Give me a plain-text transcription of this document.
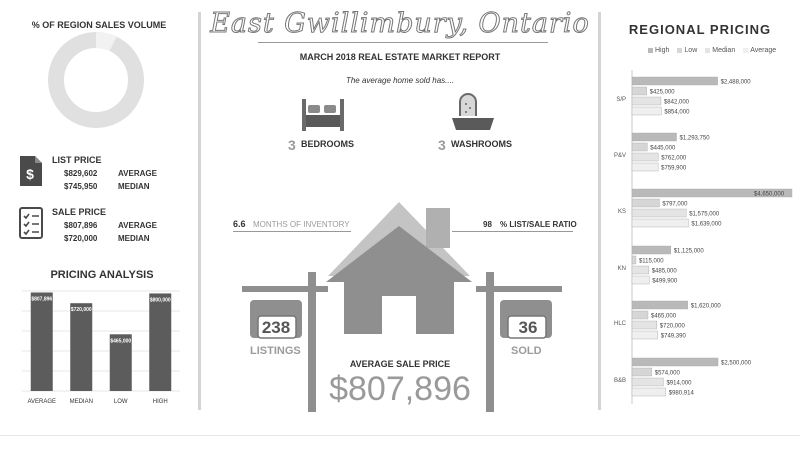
% OF REGION SALES VOLUME
$
LIST PRICE
$829,602	AVERAGE
$745,950	MEDIAN
SALE PRICE
$807,896	AVERAGE
$720,000	MEDIAN
PRICING ANALYSIS
$807,896
AVERAGE
$720,000
MEDIAN
$465,000
LOW
$800,000
HIGH
East Gwillimbury, Ontario
MARCH 2018 REAL ESTATE MARKET REPORT
The average home sold has....
3 BEDROOMS	3 WASHROOMS
6.6 MONTHS OF INVENTORY	98 % LIST/SALE RATIO
238
LISTINGS
36
SOLD
AVERAGE SALE PRICE
$807,896
REGIONAL PRICING
High Low Median Average
S/P
$2,488,000
$425,000
$842,000
$854,000
P&V
$1,293,750
$445,000
$762,000
$759,900
KS
$4,650,000
$797,000
$1,575,000
$1,639,000
KN
$1,125,000
$115,000
$485,000
$499,900
HLC
$1,620,000
$465,000
$720,000
$749,390
B&B
$2,500,000
$574,000
$914,000
$980,914
